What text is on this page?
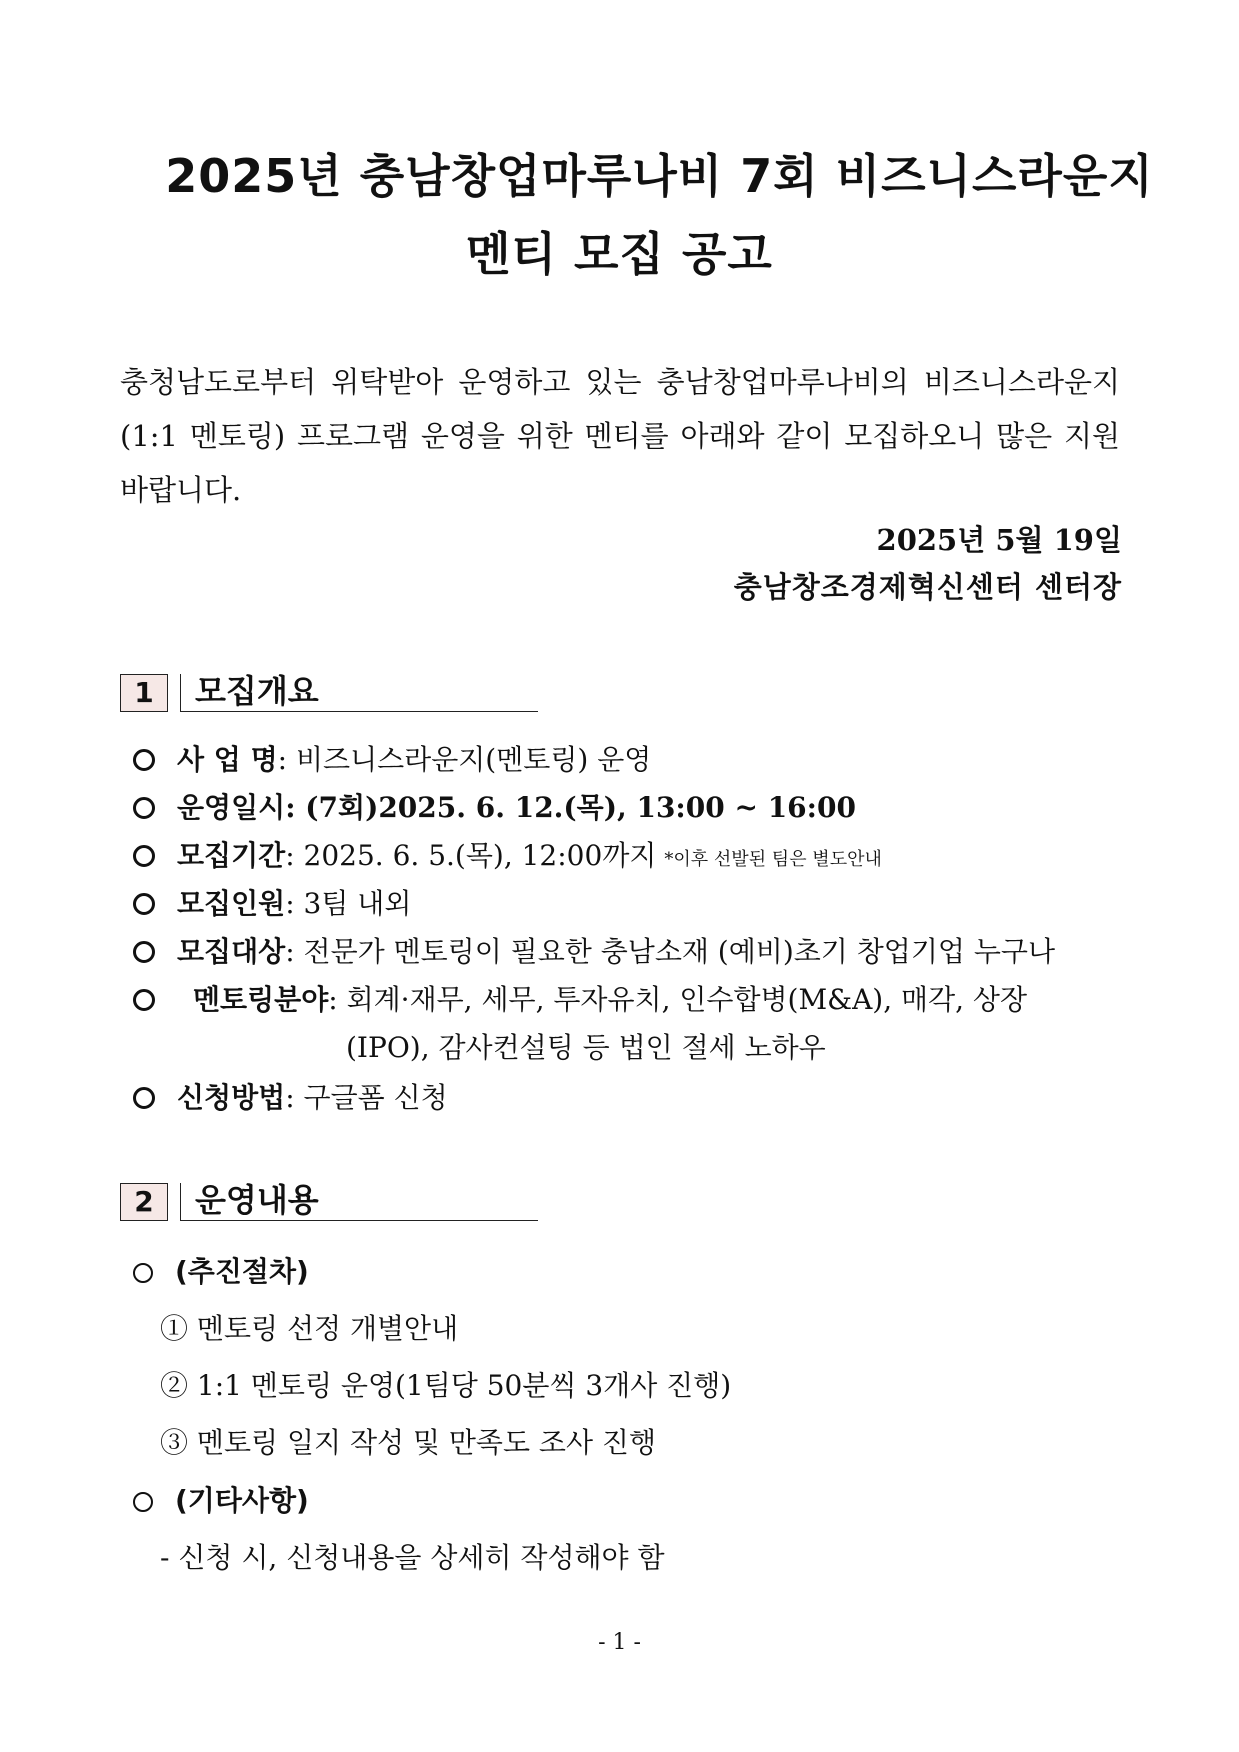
2025년 충남창업마루나비 7회 비즈니스라운지
멘티 모집 공고

충청남도로부터 위탁받아 운영하고 있는 충남창업마루나비의 비즈니스라운지(1:1 멘토링) 프로그램 운영을 위한 멘티를 아래와 같이 모집하오니 많은 지원 바랍니다.

2025년 5월 19일

충남창조경제혁신센터 센터장

1	모집개요
사 업 명: 비즈니스라운지(멘토링) 운영
운영일시: (7회)2025. 6. 12.(목), 13:00 ~ 16:00
모집기간: 2025. 6. 5.(목), 12:00까지 *이후 선발된 팀은 별도안내
모집인원: 3팀 내외
모집대상: 전문가 멘토링이 필요한 충남소재 (예비)초기 창업기업 누구나
멘토링분야: 회계·재무, 세무, 투자유치, 인수합병(M&A), 매각, 상장
(IPO), 감사컨설팅 등 법인 절세 노하우
신청방법: 구글폼 신청
2	운영내용
(추진절차)
① 멘토링 선정 개별안내
② 1:1 멘토링 운영(1팀당 50분씩 3개사 진행)
③ 멘토링 일지 작성 및 만족도 조사 진행
(기타사항)
- 신청 시, 신청내용을 상세히 작성해야 함
- 1 -
